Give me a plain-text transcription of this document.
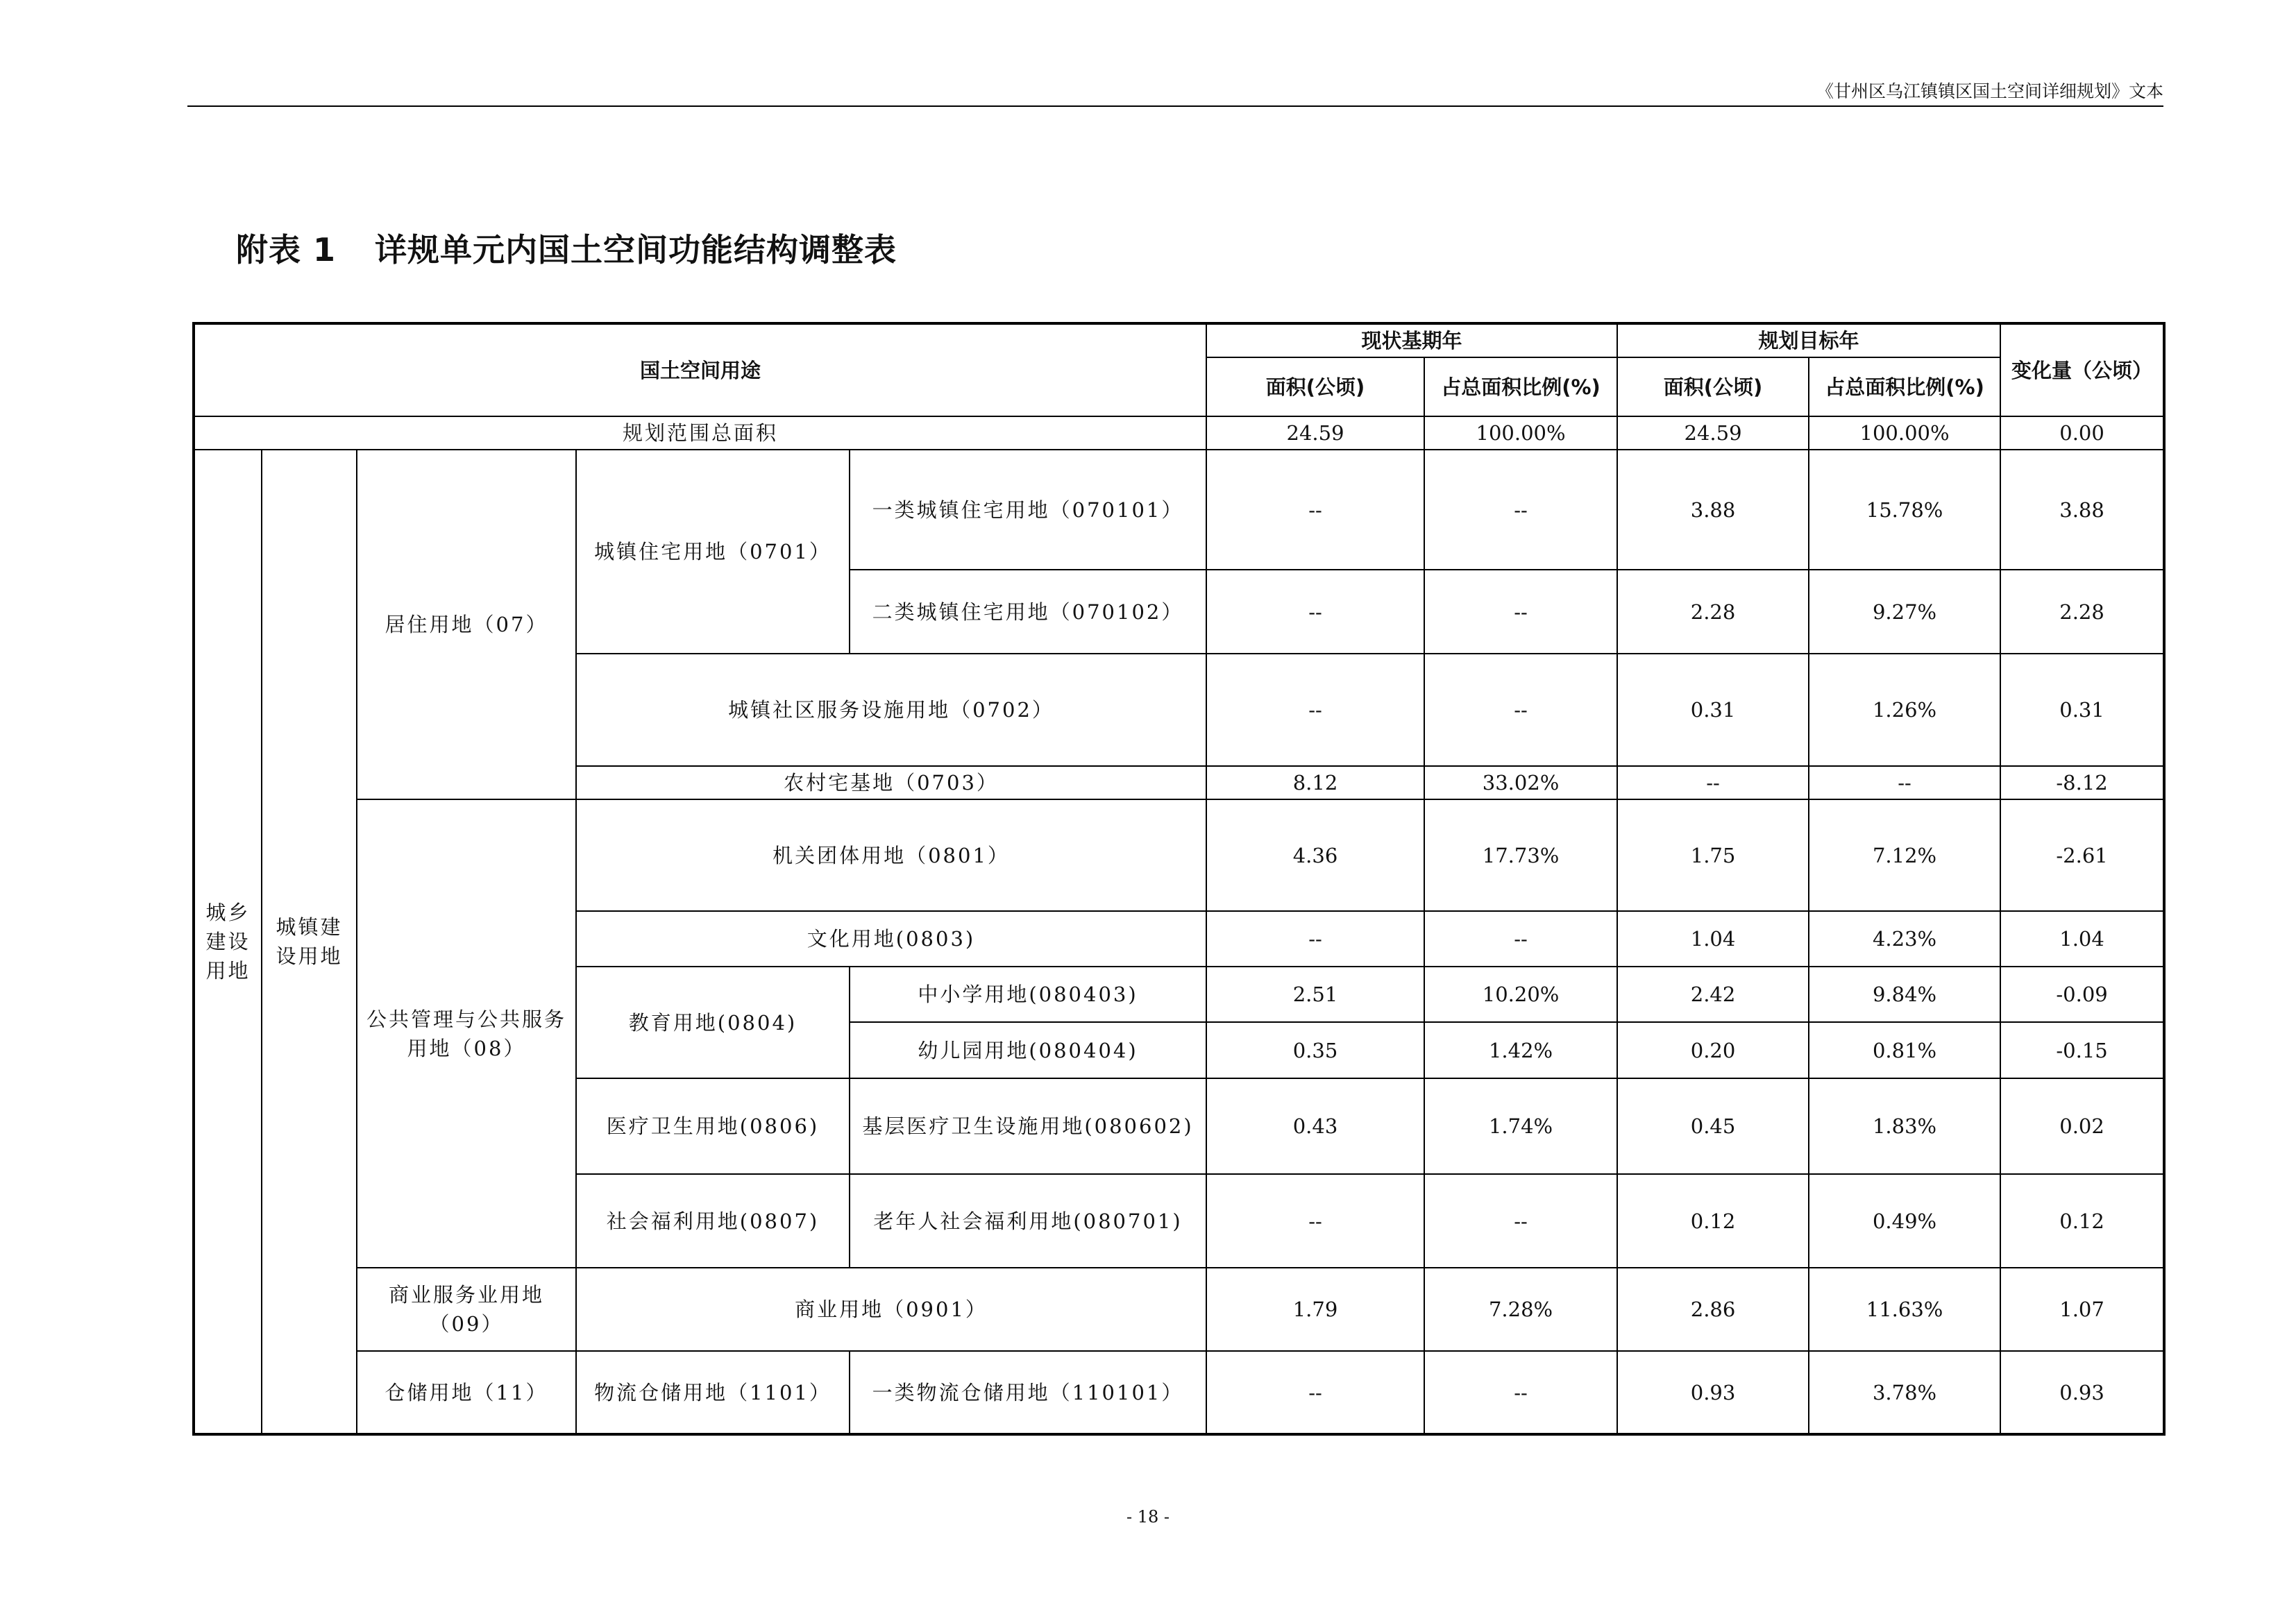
《甘州区乌江镇镇区国土空间详细规划》文本
附表 1 详规单元内国土空间功能结构调整表
国土空间用途					现状基期年		规划目标年		变化量（公顷）
					面积(公顷)	占总面积比例(%)	面积(公顷)	占总面积比例(%)	
规划范围总面积					24.59	100.00%	24.59	100.00%	0.00
城乡建设用地	城镇建设用地	居住用地（07）	城镇住宅用地（0701）	一类城镇住宅用地（070101）	--	--	3.88	15.78%	3.88
				二类城镇住宅用地（070102）	--	--	2.28	9.27%	2.28
			城镇社区服务设施用地（0702）		--	--	0.31	1.26%	0.31
			农村宅基地（0703）		8.12	33.02%	--	--	-8.12
		公共管理与公共服务用地（08）	机关团体用地（0801）		4.36	17.73%	1.75	7.12%	-2.61
			文化用地(0803)		--	--	1.04	4.23%	1.04
			教育用地(0804)	中小学用地(080403)	2.51	10.20%	2.42	9.84%	-0.09
				幼儿园用地(080404)	0.35	1.42%	0.20	0.81%	-0.15
			医疗卫生用地(0806)	基层医疗卫生设施用地(080602)	0.43	1.74%	0.45	1.83%	0.02
			社会福利用地(0807)	老年人社会福利用地(080701)	--	--	0.12	0.49%	0.12
		商业服务业用地（09）	商业用地（0901）		1.79	7.28%	2.86	11.63%	1.07
		仓储用地（11）	物流仓储用地（1101）	一类物流仓储用地（110101）	--	--	0.93	3.78%	0.93
- 18 -
